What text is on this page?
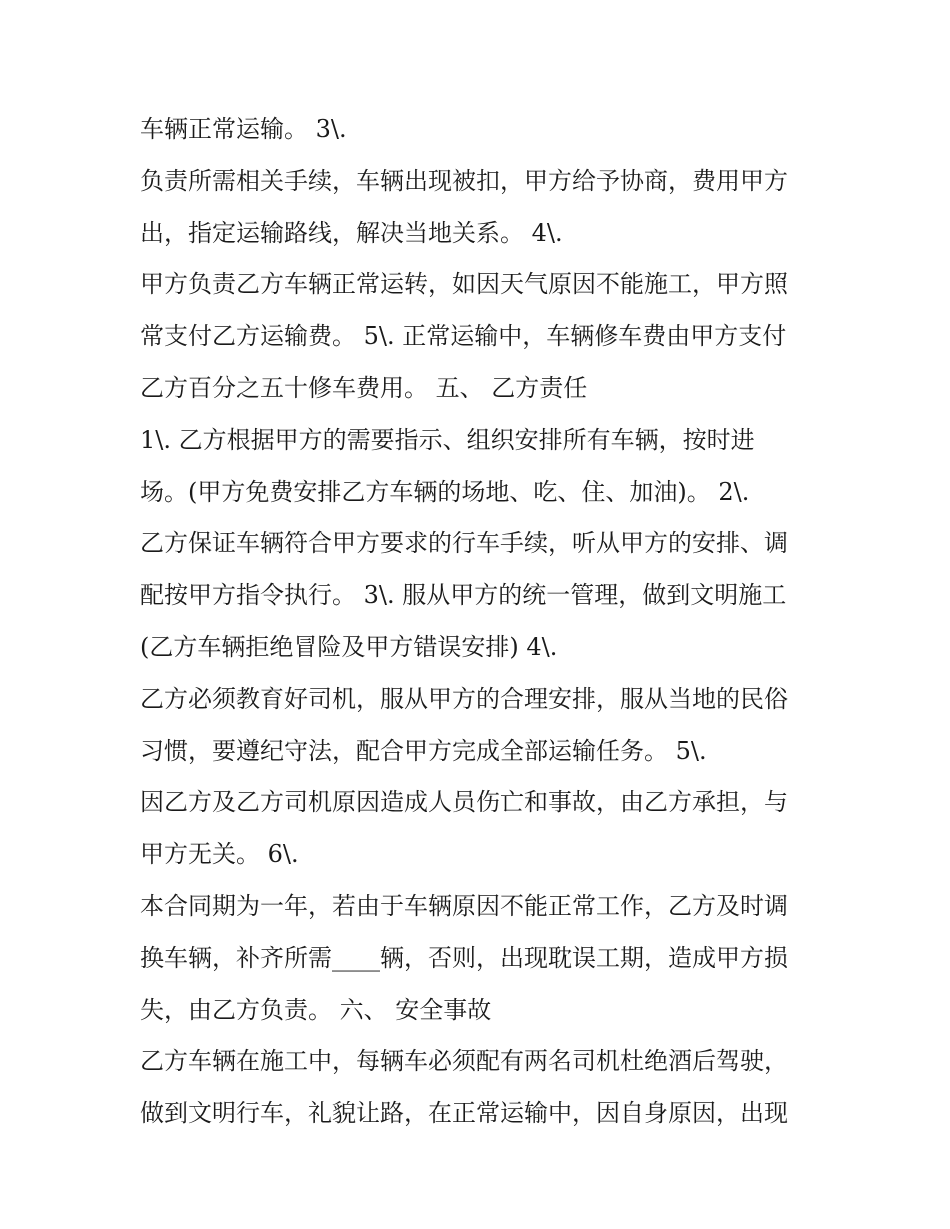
车辆正常运输。 3\.
负责所需相关手续，车辆出现被扣，甲方给予协商，费用甲方
出，指定运输路线，解决当地关系。 4\.
甲方负责乙方车辆正常运转，如因天气原因不能施工，甲方照
常支付乙方运输费。 5\. 正常运输中，车辆修车费由甲方支付
乙方百分之五十修车费用。 五、 乙方责任
1\. 乙方根据甲方的需要指示、组织安排所有车辆，按时进
场。(甲方免费安排乙方车辆的场地、吃、住、加油)。 2\.
乙方保证车辆符合甲方要求的行车手续，听从甲方的安排、调
配按甲方指令执行。 3\. 服从甲方的统一管理，做到文明施工
(乙方车辆拒绝冒险及甲方错误安排) 4\.
乙方必须教育好司机，服从甲方的合理安排，服从当地的民俗
习惯，要遵纪守法，配合甲方完成全部运输任务。 5\.
因乙方及乙方司机原因造成人员伤亡和事故，由乙方承担，与
甲方无关。 6\.
本合同期为一年，若由于车辆原因不能正常工作，乙方及时调
换车辆，补齐所需____辆，否则，出现耽误工期，造成甲方损
失，由乙方负责。 六、 安全事故
乙方车辆在施工中，每辆车必须配有两名司机杜绝酒后驾驶，
做到文明行车，礼貌让路，在正常运输中，因自身原因，出现
